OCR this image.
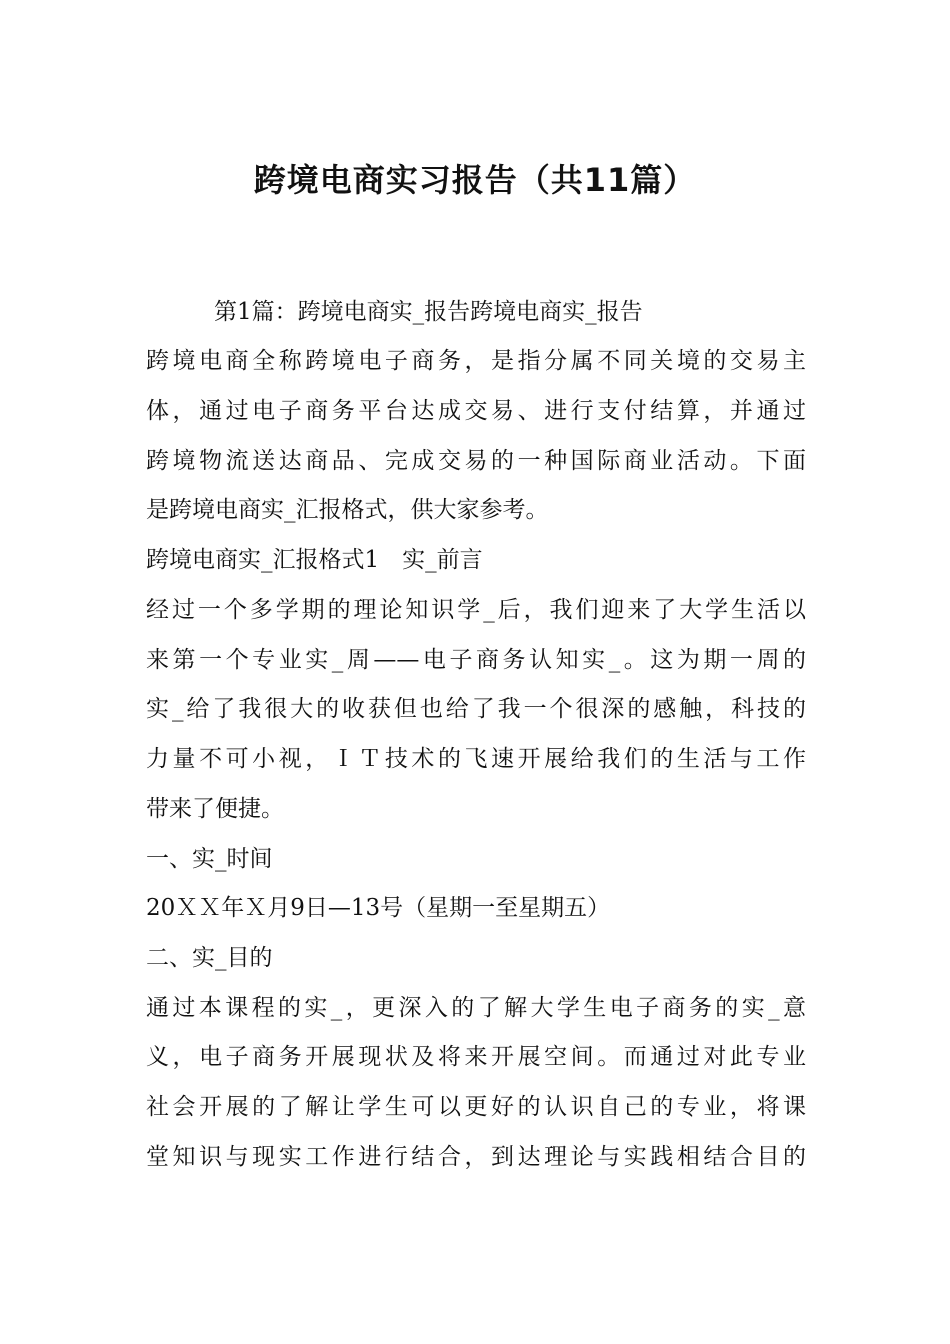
跨境电商实习报告（共11篇）
第1篇：跨境电商实_报告跨境电商实_报告
跨境电商全称跨境电子商务，是指分属不同关境的交易主
体，通过电子商务平台达成交易、进行支付结算，并通过
跨境物流送达商品、完成交易的一种国际商业活动。下面
是跨境电商实_汇报格式，供大家参考。
跨境电商实_汇报格式1　实_前言
经过一个多学期的理论知识学_后，我们迎来了大学生活以
来第一个专业实_周——电子商务认知实_。这为期一周的
实_给了我很大的收获但也给了我一个很深的感触，科技的
力量不可小视，ＩＴ技术的飞速开展给我们的生活与工作
带来了便捷。
一、实_时间
20ＸＸ年Ｘ月9日—13号（星期一至星期五）
二、实_目的
通过本课程的实_，更深入的了解大学生电子商务的实_意
义，电子商务开展现状及将来开展空间。而通过对此专业
社会开展的了解让学生可以更好的认识自己的专业，将课
堂知识与现实工作进行结合，到达理论与实践相结合目的
